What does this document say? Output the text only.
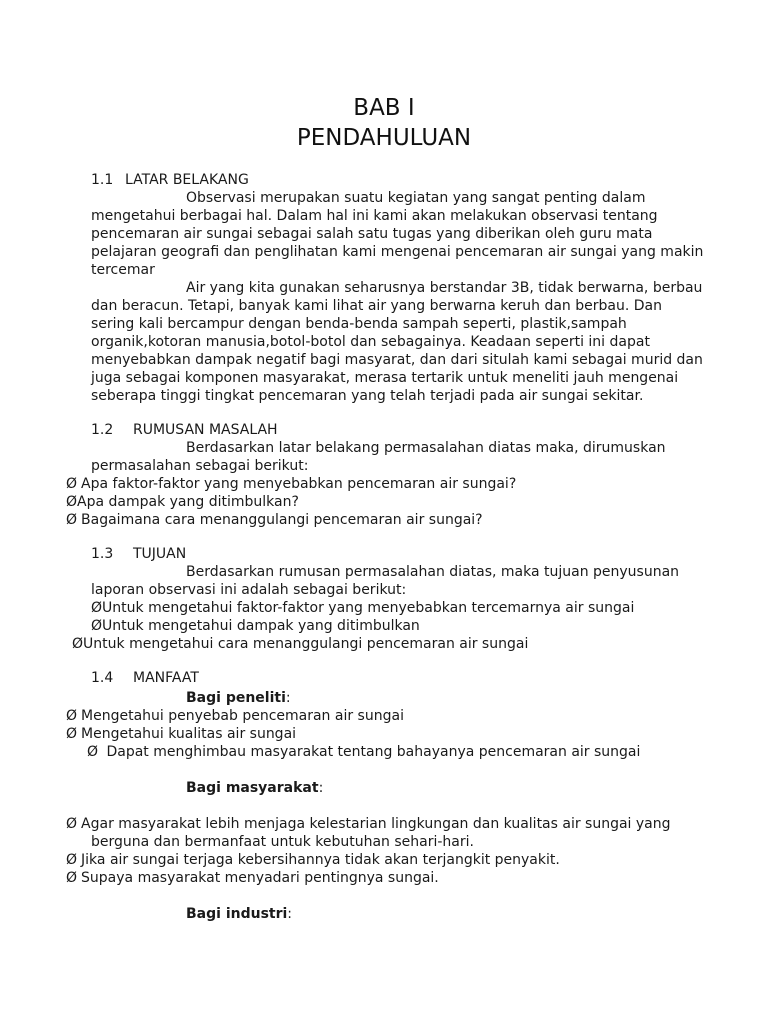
BAB I
PENDAHULUAN
1.1 LATAR BELAKANG
Observasi merupakan suatu kegiatan yang sangat penting dalam
mengetahui berbagai hal. Dalam hal ini kami akan melakukan observasi tentang
pencemaran air sungai sebagai salah satu tugas yang diberikan oleh guru mata
pelajaran geografi dan penglihatan kami mengenai pencemaran air sungai yang makin
tercemar
Air yang kita gunakan seharusnya berstandar 3B, tidak berwarna, berbau
dan beracun. Tetapi, banyak kami lihat air yang berwarna keruh dan berbau. Dan
sering kali bercampur dengan benda-benda sampah seperti, plastik,sampah
organik,kotoran manusia,botol-botol dan sebagainya. Keadaan seperti ini dapat
menyebabkan dampak negatif bagi masyarat, dan dari situlah kami sebagai murid dan
juga sebagai komponen masyarakat, merasa tertarik untuk meneliti jauh mengenai
seberapa tinggi tingkat pencemaran yang telah terjadi pada air sungai sekitar.
1.2 RUMUSAN MASALAH
Berdasarkan latar belakang permasalahan diatas maka, dirumuskan
permasalahan sebagai berikut:
Ø Apa faktor-faktor yang menyebabkan pencemaran air sungai?
ØApa dampak yang ditimbulkan?
Ø Bagaimana cara menanggulangi pencemaran air sungai?
1.3 TUJUAN
Berdasarkan rumusan permasalahan diatas, maka tujuan penyusunan
laporan observasi ini adalah sebagai berikut:
ØUntuk mengetahui faktor-faktor yang menyebabkan tercemarnya air sungai
ØUntuk mengetahui dampak yang ditimbulkan
ØUntuk mengetahui cara menanggulangi pencemaran air sungai
1.4 MANFAAT
Bagi peneliti:
Ø Mengetahui penyebab pencemaran air sungai
Ø Mengetahui kualitas air sungai
Ø Dapat menghimbau masyarakat tentang bahayanya pencemaran air sungai
Bagi masyarakat:
Ø Agar masyarakat lebih menjaga kelestarian lingkungan dan kualitas air sungai yang
berguna dan bermanfaat untuk kebutuhan sehari-hari.
Ø Jika air sungai terjaga kebersihannya tidak akan terjangkit penyakit.
Ø Supaya masyarakat menyadari pentingnya sungai.
Bagi industri:
